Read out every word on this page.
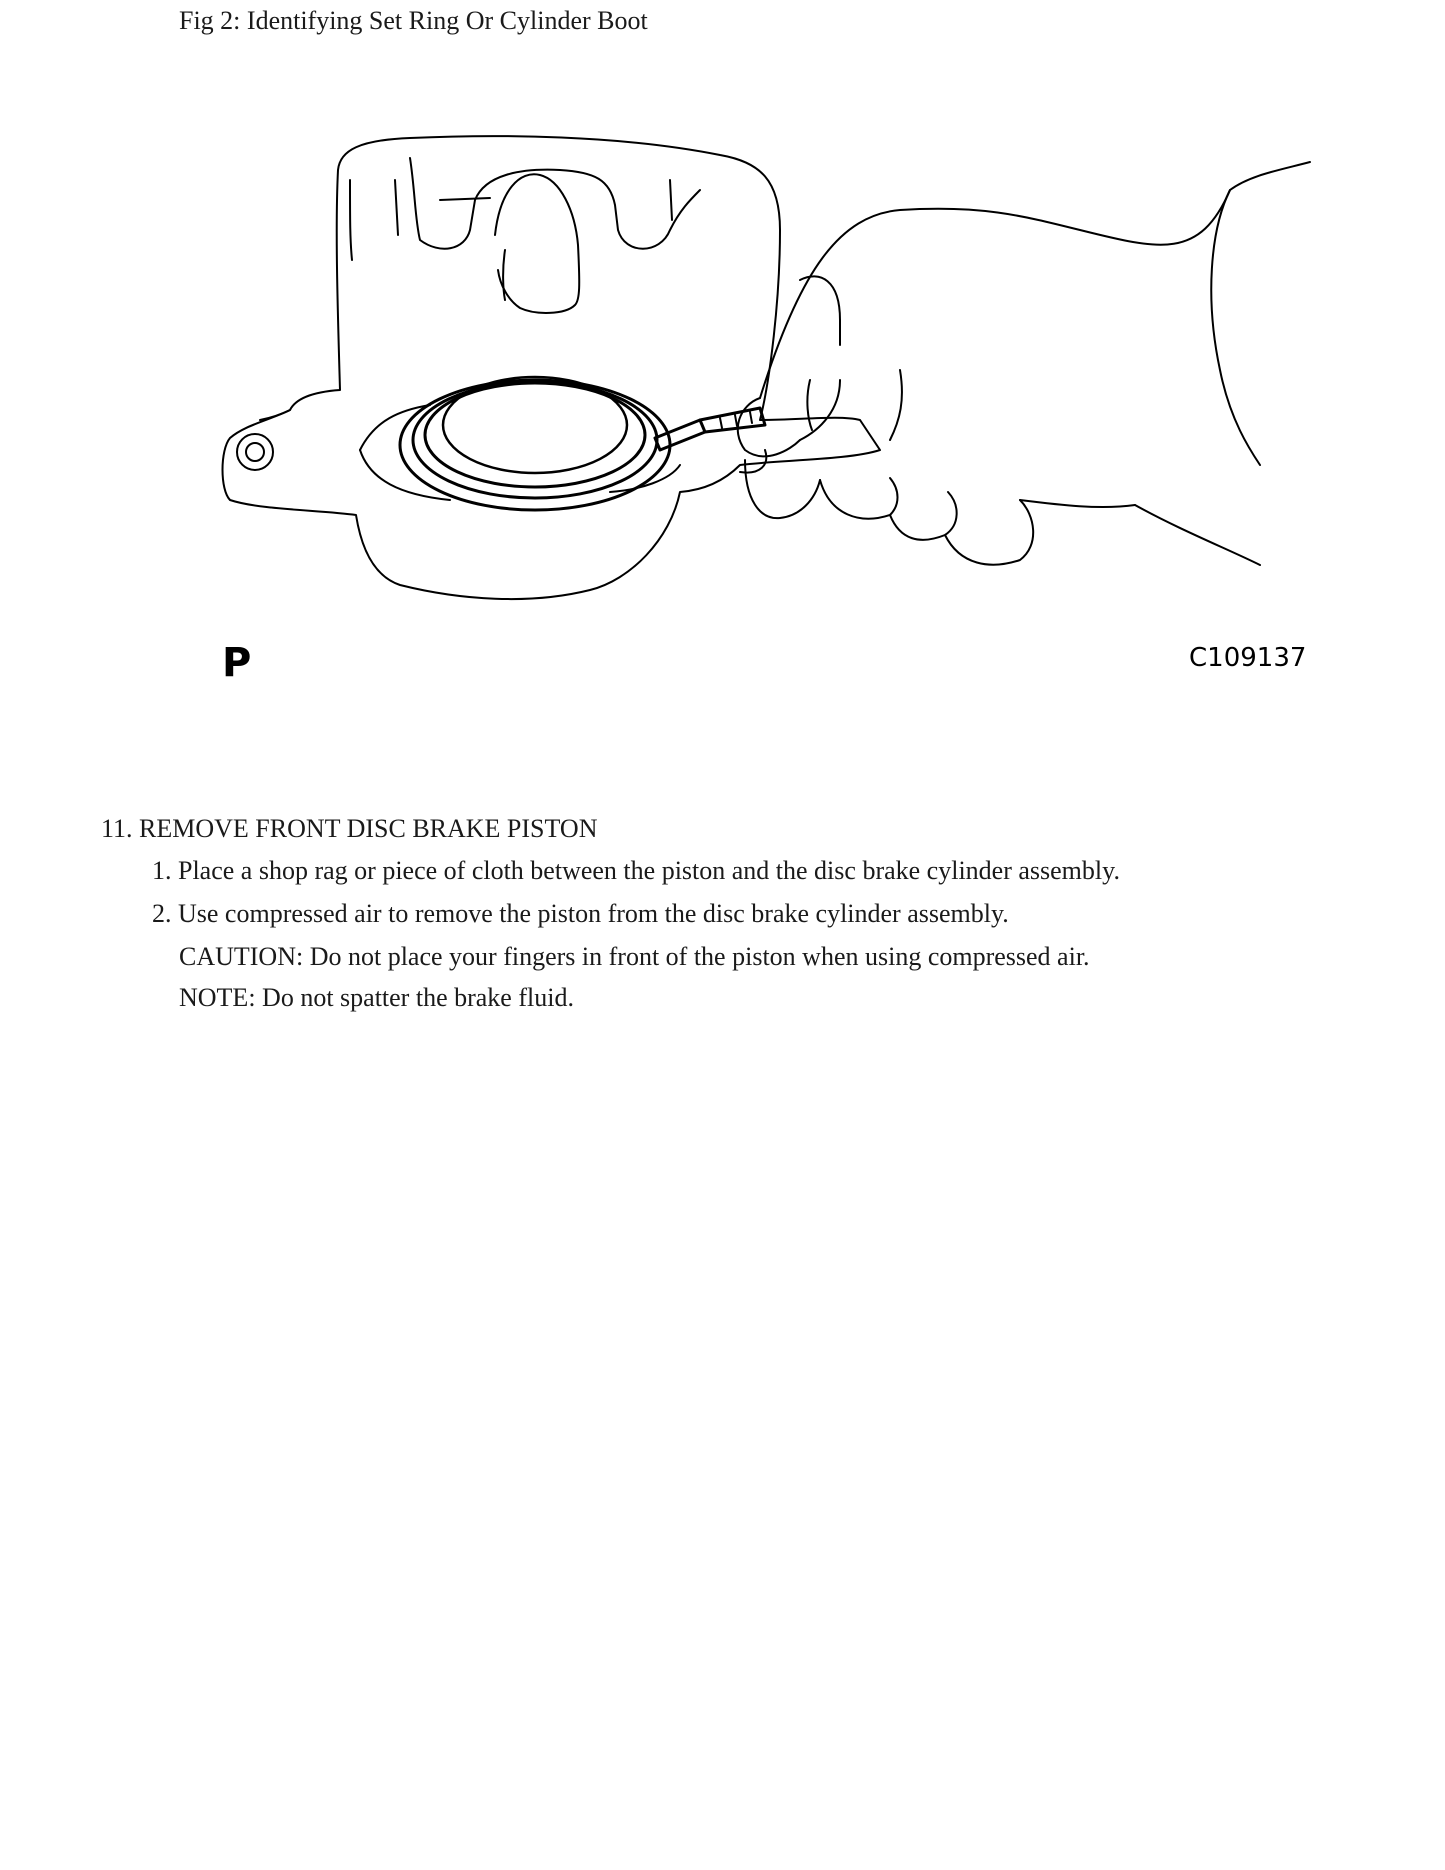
Fig 2: Identifying Set Ring Or Cylinder Boot
P	C109137
11. REMOVE FRONT DISC BRAKE PISTON
1. Place a shop rag or piece of cloth between the piston and the disc brake cylinder assembly.
2. Use compressed air to remove the piston from the disc brake cylinder assembly.
CAUTION: Do not place your fingers in front of the piston when using compressed air.
NOTE: Do not spatter the brake fluid.
